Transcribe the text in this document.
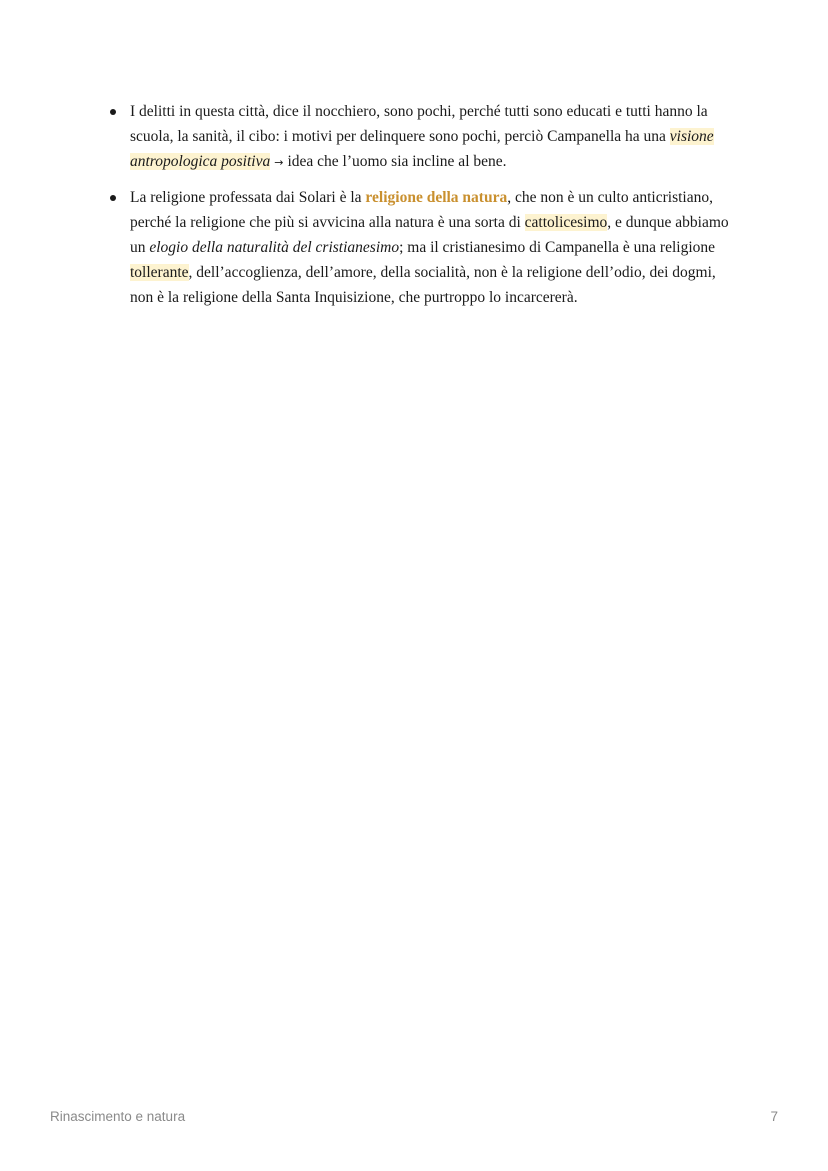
I delitti in questa città, dice il nocchiero, sono pochi, perché tutti sono educati e tutti hanno la scuola, la sanità, il cibo: i motivi per delinquere sono pochi, perciò Campanella ha una visione antropologica positiva → idea che l’uomo sia incline al bene.
La religione professata dai Solari è la religione della natura, che non è un culto anticristiano, perché la religione che più si avvicina alla natura è una sorta di cattolicesimo, e dunque abbiamo un elogio della naturalità del cristianesimo; ma il cristianesimo di Campanella è una religione tollerante, dell’accoglienza, dell’amore, della socialità, non è la religione dell’odio, dei dogmi, non è la religione della Santa Inquisizione, che purtroppo lo incarcererà.
Rinascimento e natura	7
